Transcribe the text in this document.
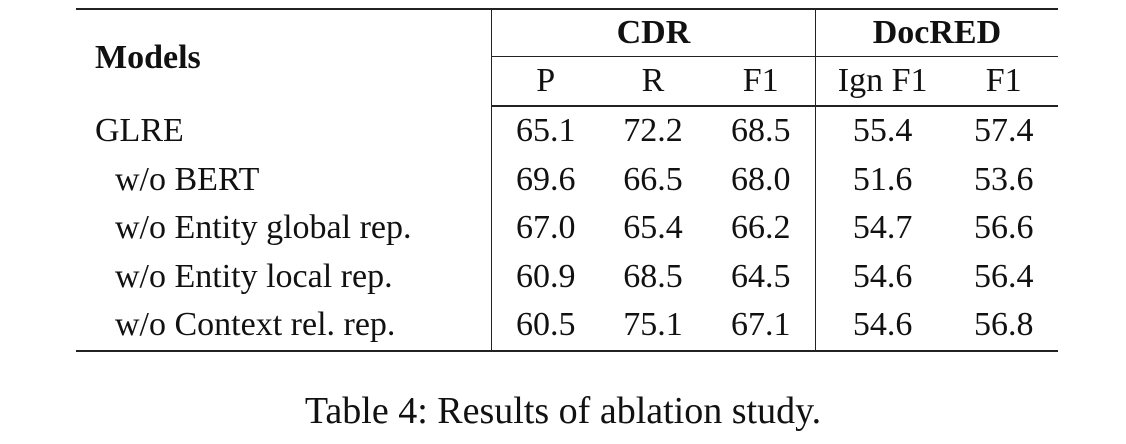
Models	CDR			DocRED	
	P	R	F1	Ign F1	F1
GLRE	65.1	72.2	68.5	55.4	57.4
w/o BERT	69.6	66.5	68.0	51.6	53.6
w/o Entity global rep.	67.0	65.4	66.2	54.7	56.6
w/o Entity local rep.	60.9	68.5	64.5	54.6	56.4
w/o Context rel. rep.	60.5	75.1	67.1	54.6	56.8
Table 4: Results of ablation study.
